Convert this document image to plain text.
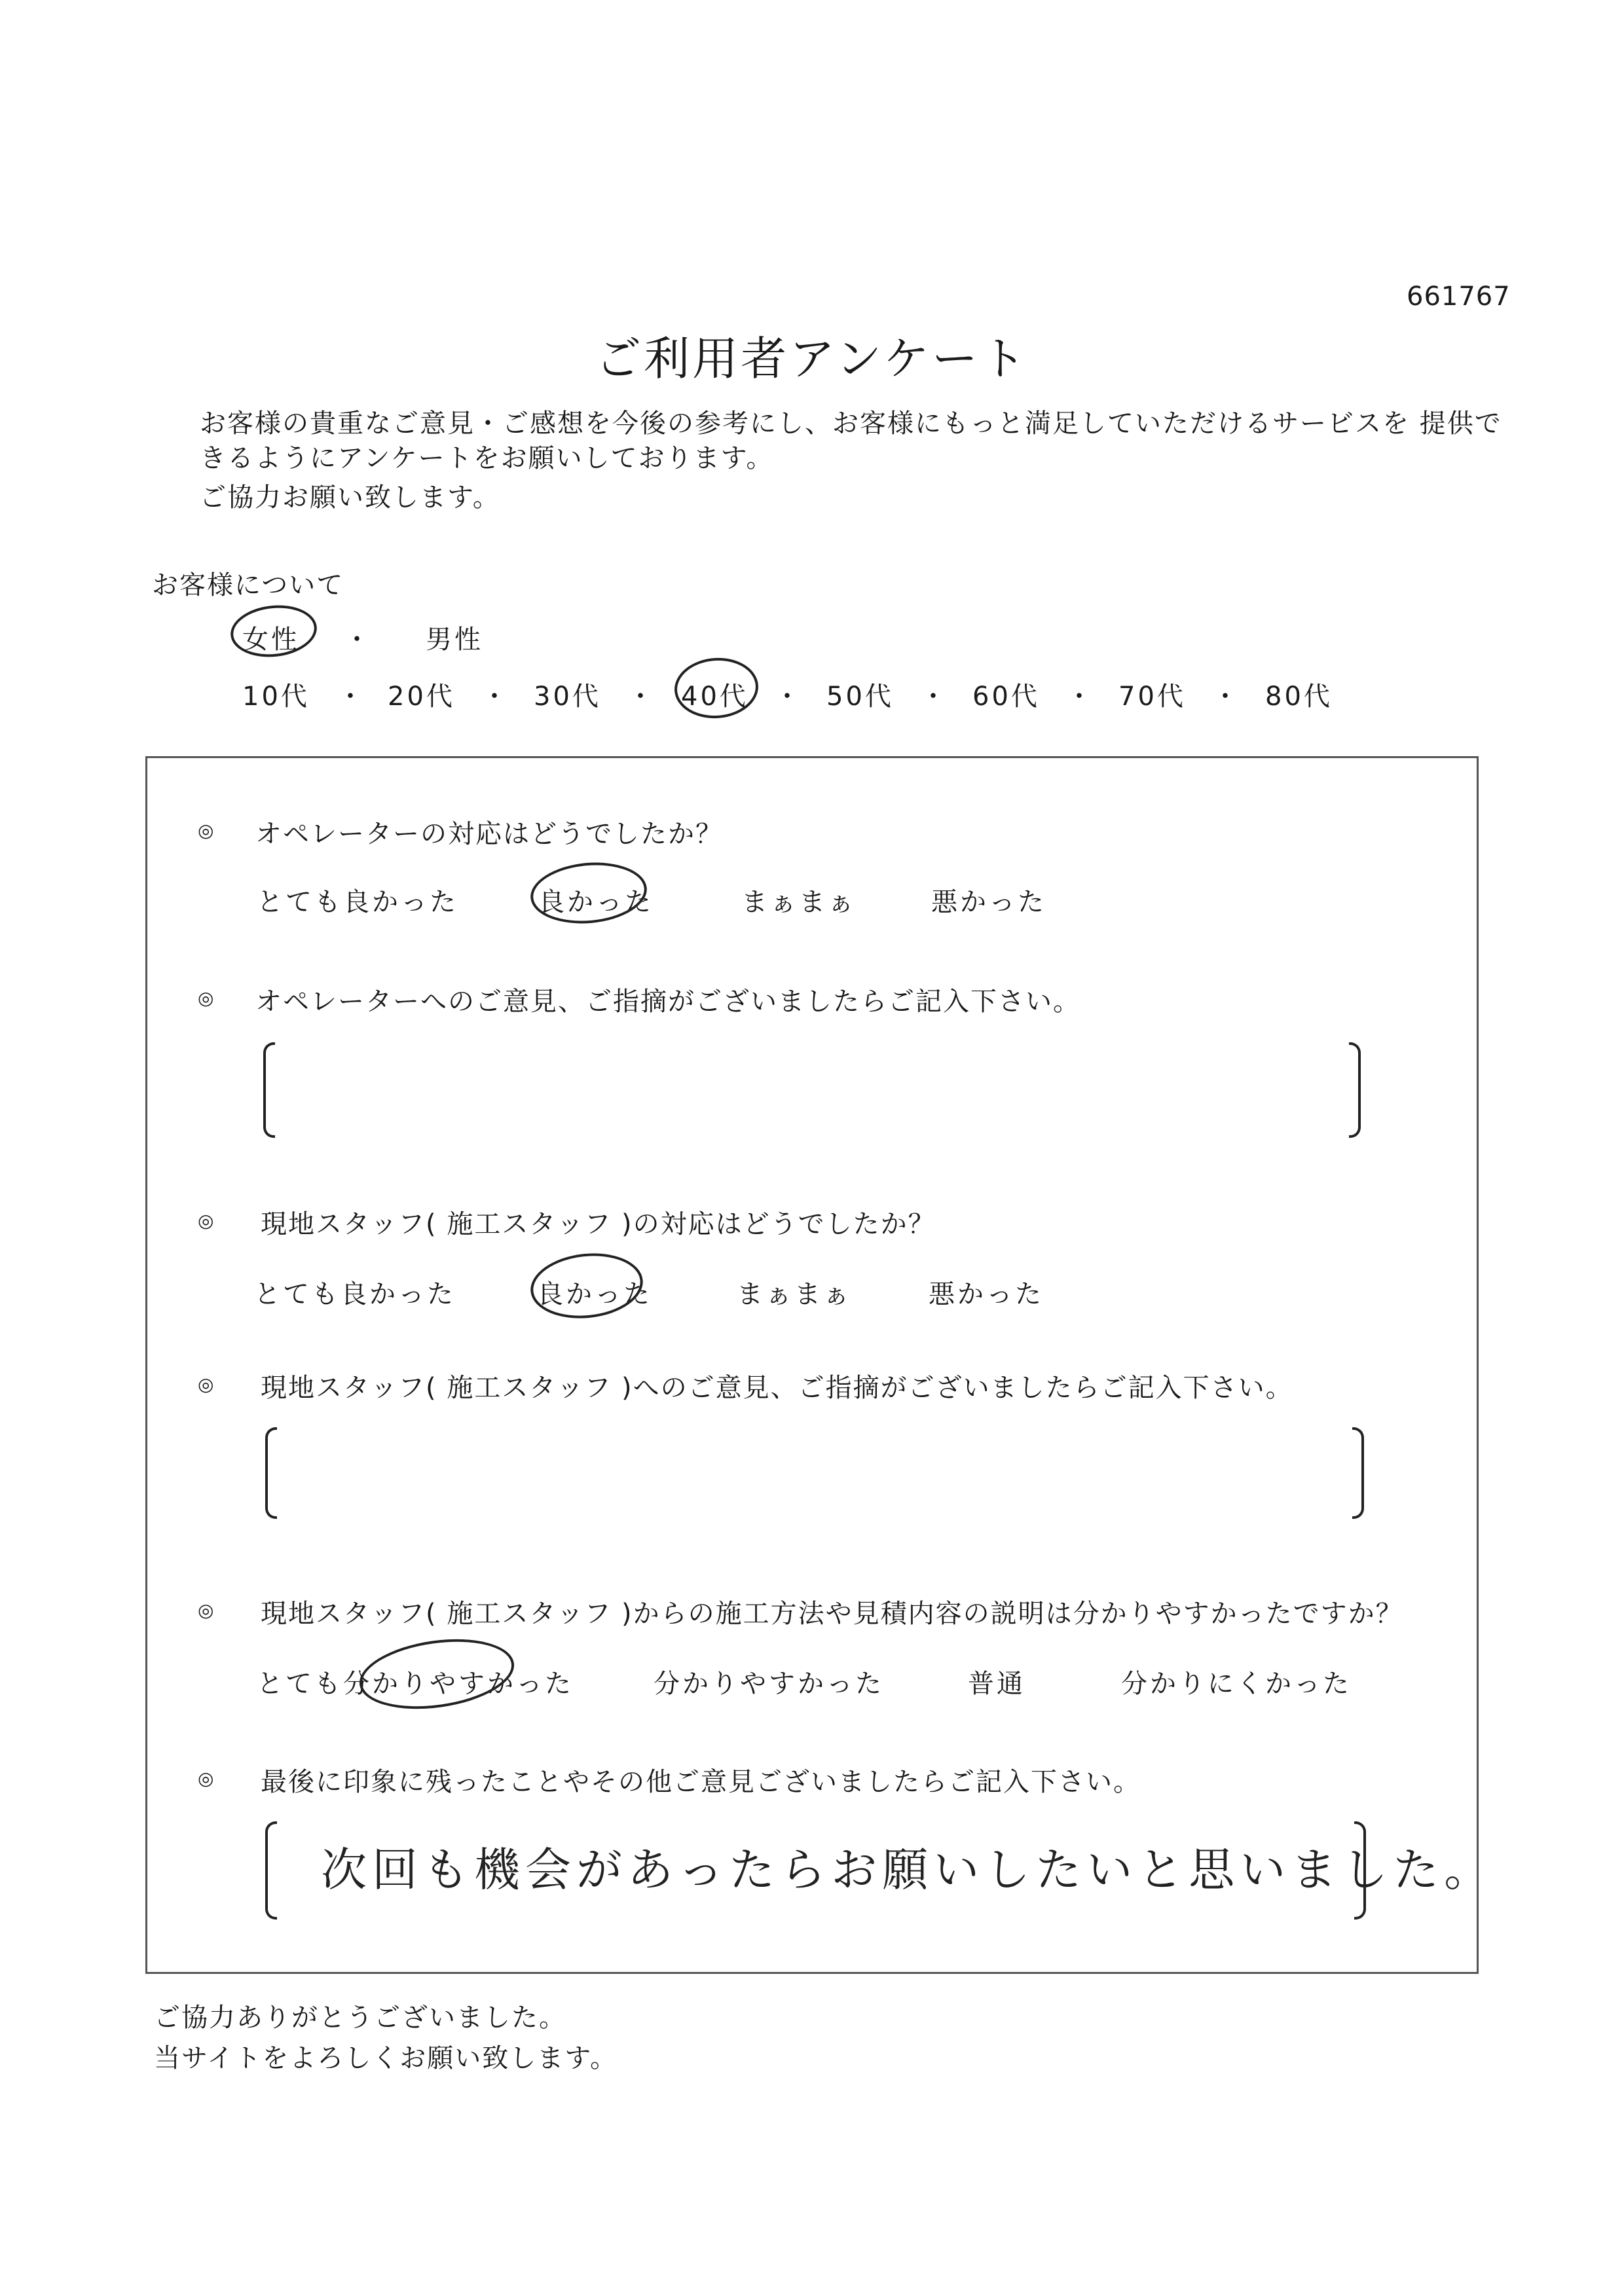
661767
ご利用者アンケート
お客様の貴重なご意見・ご感想を今後の参考にし、お客様にもっと満足していただけるサービスを 提供で
きるようにアンケートをお願いしております。
ご協力お願い致します。
お客様について
女性 ・ 男性
10代 ・ 20代 ・ 30代 ・ 40代 ・ 50代 ・ 60代 ・ 70代 ・ 80代
◎ オペレーターの対応はどうでしたか？
とても良かった	良かった	まぁまぁ	悪かった
◎ オペレーターへのご意見、ご指摘がございましたらご記入下さい。
◎ 現地スタッフ( 施工スタッフ )の対応はどうでしたか？
とても良かった	良かった	まぁまぁ	悪かった
◎ 現地スタッフ( 施工スタッフ )へのご意見、ご指摘がございましたらご記入下さい。
◎ 現地スタッフ( 施工スタッフ )からの施工方法や見積内容の説明は分かりやすかったですか？
とても分かりやすかった	分かりやすかった	普通	分かりにくかった
◎ 最後に印象に残ったことやその他ご意見ございましたらご記入下さい。
次回も機会があったらお願いしたいと思いました。
ご協力ありがとうございました。
当サイトをよろしくお願い致します。
